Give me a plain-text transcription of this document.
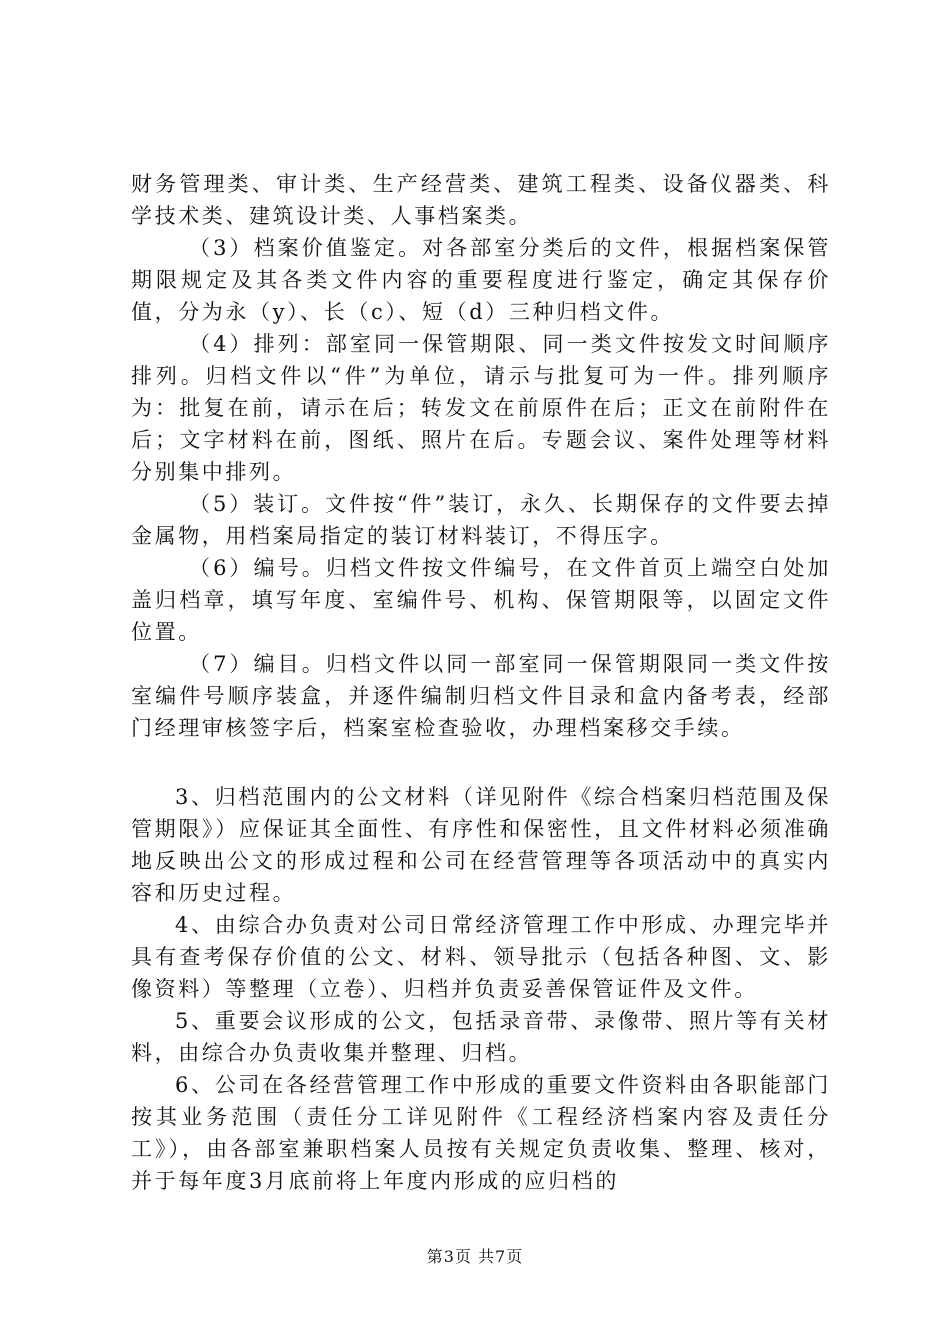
财务管理类、审计类、生产经营类、建筑工程类、设备仪器类、科学技术类、建筑设计类、人事档案类。

（3）档案价值鉴定。对各部室分类后的文件，根据档案保管期限规定及其各类文件内容的重要程度进行鉴定，确定其保存价值，分为永（y）、长（c）、短（d）三种归档文件。

（4）排列：部室同一保管期限、同一类文件按发文时间顺序排列。归档文件以“件”为单位，请示与批复可为一件。排列顺序为：批复在前，请示在后；转发文在前原件在后；正文在前附件在后；文字材料在前，图纸、照片在后。专题会议、案件处理等材料分别集中排列。

（5）装订。文件按“件”装订，永久、长期保存的文件要去掉金属物，用档案局指定的装订材料装订，不得压字。

（6）编号。归档文件按文件编号，在文件首页上端空白处加盖归档章，填写年度、室编件号、机构、保管期限等，以固定文件位置。

（7）编目。归档文件以同一部室同一保管期限同一类文件按室编件号顺序装盒，并逐件编制归档文件目录和盒内备考表，经部门经理审核签字后，档案室检查验收，办理档案移交手续。

3、归档范围内的公文材料（详见附件《综合档案归档范围及保管期限》）应保证其全面性、有序性和保密性，且文件材料必须准确地反映出公文的形成过程和公司在经营管理等各项活动中的真实内容和历史过程。

4、由综合办负责对公司日常经济管理工作中形成、办理完毕并具有查考保存价值的公文、材料、领导批示（包括各种图、文、影像资料）等整理（立卷）、归档并负责妥善保管证件及文件。

5、重要会议形成的公文，包括录音带、录像带、照片等有关材料，由综合办负责收集并整理、归档。

6、公司在各经营管理工作中形成的重要文件资料由各职能部门按其业务范围（责任分工详见附件《工程经济档案内容及责任分工》），由各部室兼职档案人员按有关规定负责收集、整理、核对，并于每年度3月底前将上年度内形成的应归档的

第3页 共7页
